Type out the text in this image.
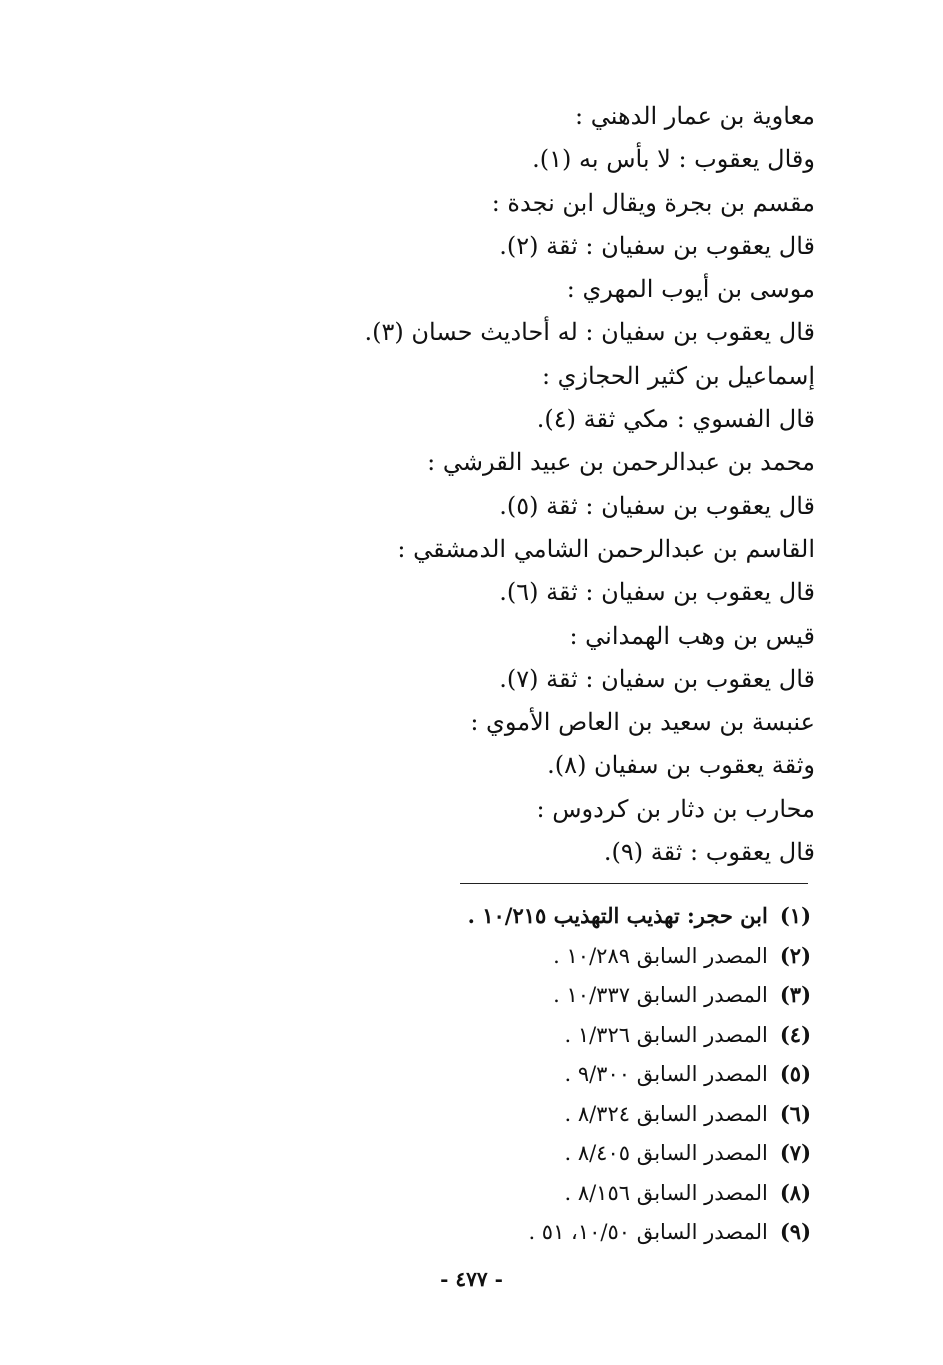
معاوية بن عمار الدهني :
وقال يعقوب : لا بأس به (١).
مقسم بن بجرة ويقال ابن نجدة :
قال يعقوب بن سفيان : ثقة (٢).
موسى بن أيوب المهري :
قال يعقوب بن سفيان : له أحاديث حسان (٣).
إسماعيل بن كثير الحجازي :
قال الفسوي : مكي ثقة (٤).
محمد بن عبدالرحمن بن عبيد القرشي :
قال يعقوب بن سفيان : ثقة (٥).
القاسم بن عبدالرحمن الشامي الدمشقي :
قال يعقوب بن سفيان : ثقة (٦).
قيس بن وهب الهمداني :
قال يعقوب بن سفيان : ثقة (٧).
عنبسة بن سعيد بن العاص الأموي :
وثقة يعقوب بن سفيان (٨).
محارب بن دثار بن كردوس :
قال يعقوب : ثقة (٩).
(١)ابن حجر: تهذيب التهذيب ١٠/٢١٥ .
(٢)المصدر السابق ١٠/٢٨٩ .
(٣)المصدر السابق ١٠/٣٣٧ .
(٤)المصدر السابق ١/٣٢٦ .
(٥)المصدر السابق ٩/٣٠٠ .
(٦)المصدر السابق ٨/٣٢٤ .
(٧)المصدر السابق ٨/٤٠٥ .
(٨)المصدر السابق ٨/١٥٦ .
(٩)المصدر السابق ١٠/٥٠، ٥١ .
- ٤٧٧ -
